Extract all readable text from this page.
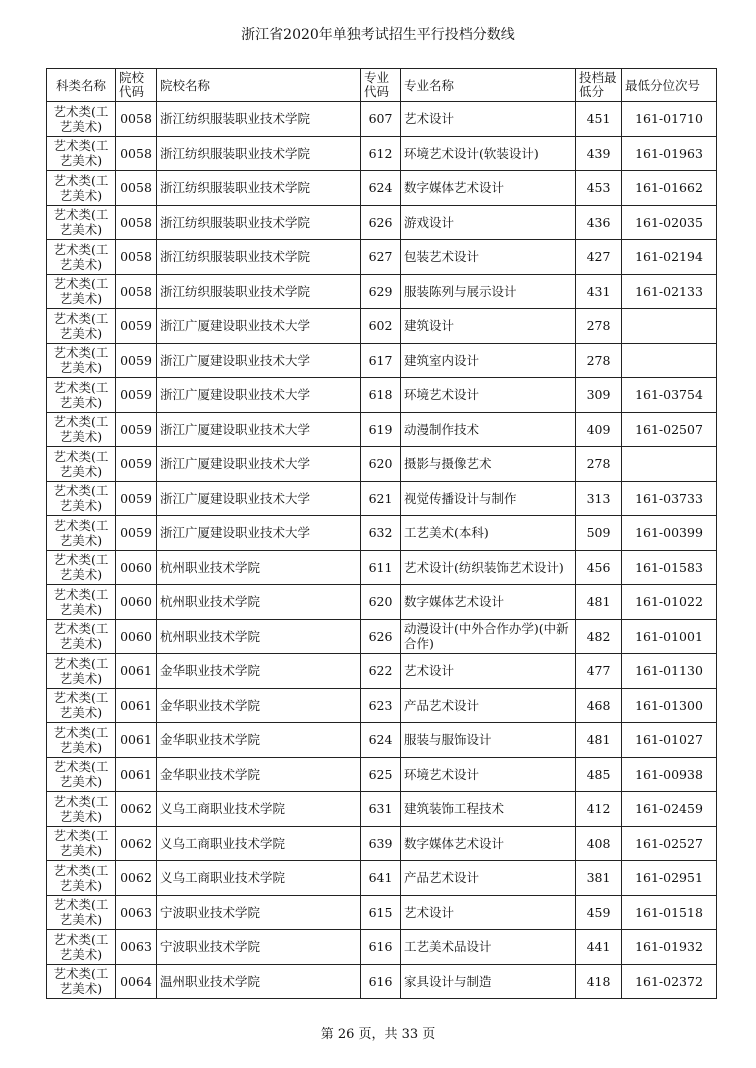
浙江省2020年单独考试招生平行投档分数线
科类名称	院校代码	院校名称	专业代码	专业名称	投档最低分	最低分位次号
艺术类(工艺美术)	0058	浙江纺织服装职业技术学院	607	艺术设计	451	161-01710
艺术类(工艺美术)	0058	浙江纺织服装职业技术学院	612	环境艺术设计(软装设计)	439	161-01963
艺术类(工艺美术)	0058	浙江纺织服装职业技术学院	624	数字媒体艺术设计	453	161-01662
艺术类(工艺美术)	0058	浙江纺织服装职业技术学院	626	游戏设计	436	161-02035
艺术类(工艺美术)	0058	浙江纺织服装职业技术学院	627	包装艺术设计	427	161-02194
艺术类(工艺美术)	0058	浙江纺织服装职业技术学院	629	服装陈列与展示设计	431	161-02133
艺术类(工艺美术)	0059	浙江广厦建设职业技术大学	602	建筑设计	278	
艺术类(工艺美术)	0059	浙江广厦建设职业技术大学	617	建筑室内设计	278	
艺术类(工艺美术)	0059	浙江广厦建设职业技术大学	618	环境艺术设计	309	161-03754
艺术类(工艺美术)	0059	浙江广厦建设职业技术大学	619	动漫制作技术	409	161-02507
艺术类(工艺美术)	0059	浙江广厦建设职业技术大学	620	摄影与摄像艺术	278	
艺术类(工艺美术)	0059	浙江广厦建设职业技术大学	621	视觉传播设计与制作	313	161-03733
艺术类(工艺美术)	0059	浙江广厦建设职业技术大学	632	工艺美术(本科)	509	161-00399
艺术类(工艺美术)	0060	杭州职业技术学院	611	艺术设计(纺织装饰艺术设计)	456	161-01583
艺术类(工艺美术)	0060	杭州职业技术学院	620	数字媒体艺术设计	481	161-01022
艺术类(工艺美术)	0060	杭州职业技术学院	626	动漫设计(中外合作办学)(中新合作)	482	161-01001
艺术类(工艺美术)	0061	金华职业技术学院	622	艺术设计	477	161-01130
艺术类(工艺美术)	0061	金华职业技术学院	623	产品艺术设计	468	161-01300
艺术类(工艺美术)	0061	金华职业技术学院	624	服装与服饰设计	481	161-01027
艺术类(工艺美术)	0061	金华职业技术学院	625	环境艺术设计	485	161-00938
艺术类(工艺美术)	0062	义乌工商职业技术学院	631	建筑装饰工程技术	412	161-02459
艺术类(工艺美术)	0062	义乌工商职业技术学院	639	数字媒体艺术设计	408	161-02527
艺术类(工艺美术)	0062	义乌工商职业技术学院	641	产品艺术设计	381	161-02951
艺术类(工艺美术)	0063	宁波职业技术学院	615	艺术设计	459	161-01518
艺术类(工艺美术)	0063	宁波职业技术学院	616	工艺美术品设计	441	161-01932
艺术类(工艺美术)	0064	温州职业技术学院	616	家具设计与制造	418	161-02372
第 26 页，共 33 页
